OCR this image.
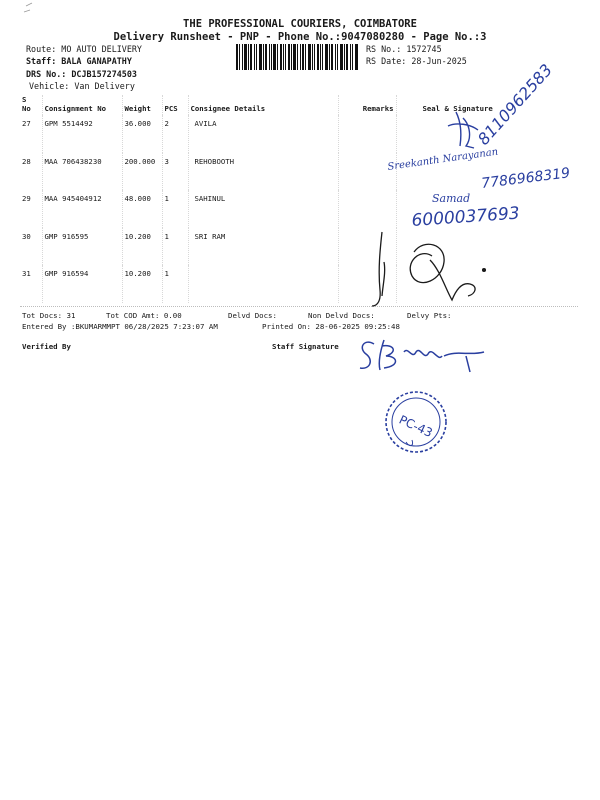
THE PROFESSIONAL COURIERS, COIMBATORE
Delivery Runsheet - PNP - Phone No.:9047080280 - Page No.:3
Route: MO AUTO DELIVERY
Staff: BALA GANAPATHY
DRS No.: DCJB157274503
Vehicle: Van Delivery
RS No.: 1572745
RS Date: 28-Jun-2025
S No	Consignment No	Weight	PCS	Consignee Details	Remarks	Seal & Signature
27	GPM 5514492	36.000	2	AVILA		
28	MAA 706438230	200.000	3	REHOBOOTH		
29	MAA 945404912	48.000	1	SAHINUL		
30	GMP 916595	10.200	1	SRI RAM		
31	GMP 916594	10.200	1			
Tot Docs: 31	Tot COD Amt: 0.00	Delvd Docs:	Non Delvd Docs:	Delvy Pts:
Entered By :BKUMARMMPT 06/28/2025 7:23:07 AM	Printed On: 28-06-2025 09:25:48
Verified By	Staff Signature
8110962583
Sreekanth Narayanan
7786968319
Samad
6000037693
PC-43
